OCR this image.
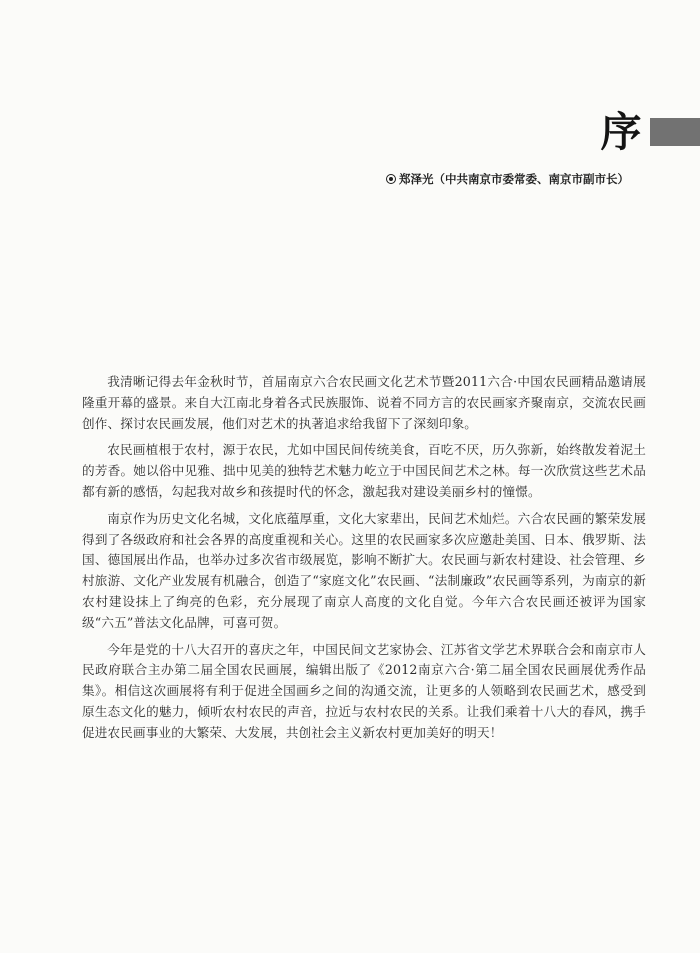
序
郑泽光（中共南京市委常委、南京市副市长）

我清晰记得去年金秋时节，首届南京六合农民画文化艺术节暨2011六合·中国农民画精品邀请展隆重开幕的盛景。来自大江南北身着各式民族服饰、说着不同方言的农民画家齐聚南京，交流农民画创作、探讨农民画发展，他们对艺术的执著追求给我留下了深刻印象。

农民画植根于农村，源于农民，尤如中国民间传统美食，百吃不厌，历久弥新，始终散发着泥土的芳香。她以俗中见雅、拙中见美的独特艺术魅力屹立于中国民间艺术之林。每一次欣赏这些艺术品都有新的感悟，勾起我对故乡和孩提时代的怀念，激起我对建设美丽乡村的憧憬。

南京作为历史文化名城，文化底蕴厚重，文化大家辈出，民间艺术灿烂。六合农民画的繁荣发展得到了各级政府和社会各界的高度重视和关心。这里的农民画家多次应邀赴美国、日本、俄罗斯、法国、德国展出作品，也举办过多次省市级展览，影响不断扩大。农民画与新农村建设、社会管理、乡村旅游、文化产业发展有机融合，创造了“家庭文化”农民画、“法制廉政”农民画等系列，为南京的新农村建设抹上了绚亮的色彩，充分展现了南京人高度的文化自觉。今年六合农民画还被评为国家级“六五”普法文化品牌，可喜可贺。

今年是党的十八大召开的喜庆之年，中国民间文艺家协会、江苏省文学艺术界联合会和南京市人民政府联合主办第二届全国农民画展，编辑出版了《2012南京六合·第二届全国农民画展优秀作品集》。相信这次画展将有利于促进全国画乡之间的沟通交流，让更多的人领略到农民画艺术，感受到原生态文化的魅力，倾听农村农民的声音，拉近与农村农民的关系。让我们乘着十八大的春风，携手促进农民画事业的大繁荣、大发展，共创社会主义新农村更加美好的明天！
